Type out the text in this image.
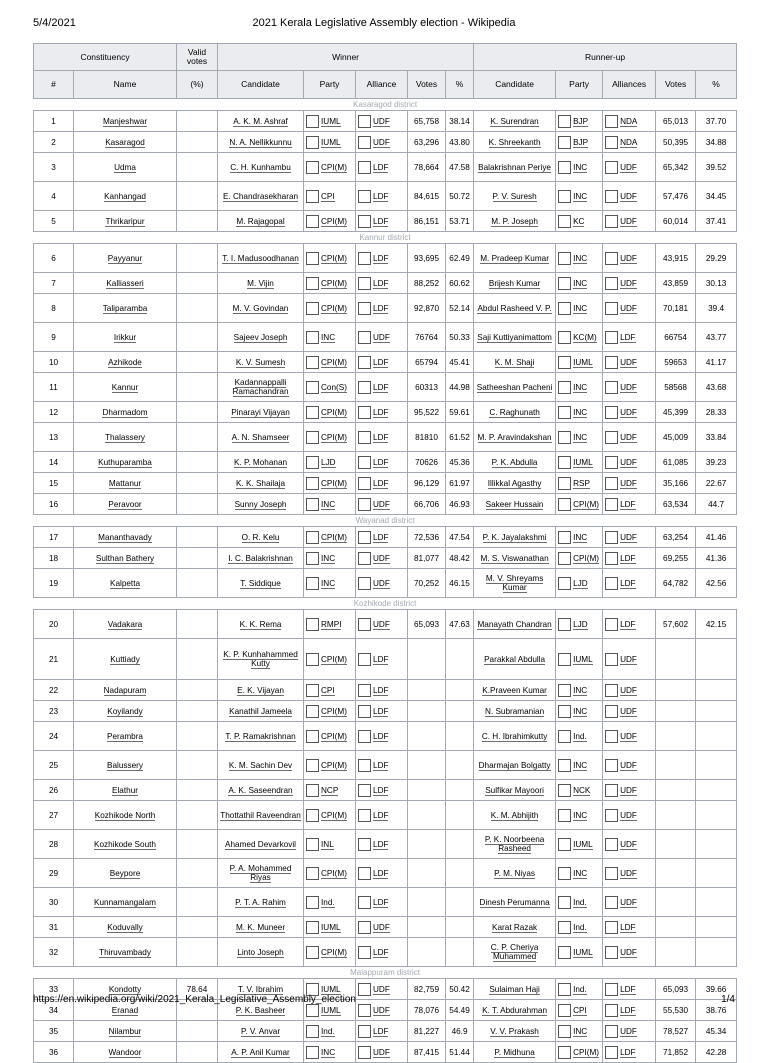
5/4/2021	2021 Kerala Legislative Assembly election - Wikipedia
Constituency		Valid votes	Winner					Runner-up				
#	Name	(%)	Candidate	Party	Alliance	Votes	%	Candidate	Party	Alliances	Votes	%
Kasaragod district												
1	Manjeshwar		A. K. M. Ashraf	IUML	UDF	65,758	38.14	K. Surendran	BJP	NDA	65,013	37.70
2	Kasaragod		N. A. Nellikkunnu	IUML	UDF	63,296	43.80	K. Shreekanth	BJP	NDA	50,395	34.88
3	Udma		C. H. Kunhambu	CPI(M)	LDF	78,664	47.58	Balakrishnan Periye	INC	UDF	65,342	39.52
4	Kanhangad		E. Chandrasekharan	CPI	LDF	84,615	50.72	P. V. Suresh	INC	UDF	57,476	34.45
5	Thrikaripur		M. Rajagopal	CPI(M)	LDF	86,151	53.71	M. P. Joseph	KC	UDF	60,014	37.41
Kannur district												
6	Payyanur		T. I. Madusoodhanan	CPI(M)	LDF	93,695	62.49	M. Pradeep Kumar	INC	UDF	43,915	29.29
7	Kalliasseri		M. Vijin	CPI(M)	LDF	88,252	60.62	Brijesh Kumar	INC	UDF	43,859	30.13
8	Taliparamba		M. V. Govindan	CPI(M)	LDF	92,870	52.14	Abdul Rasheed V. P.	INC	UDF	70,181	39.4
9	Irikkur		Sajeev Joseph	INC	UDF	76764	50.33	Saji Kuttiyanimattom	KC(M)	LDF	66754	43.77
10	Azhikode		K. V. Sumesh	CPI(M)	LDF	65794	45.41	K. M. Shaji	IUML	UDF	59653	41.17
11	Kannur		Kadannappalli Ramachandran	Con(S)	LDF	60313	44.98	Satheeshan Pacheni	INC	UDF	58568	43.68
12	Dharmadom		Pinarayi Vijayan	CPI(M)	LDF	95,522	59.61	C. Raghunath	INC	UDF	45,399	28.33
13	Thalassery		A. N. Shamseer	CPI(M)	LDF	81810	61.52	M. P. Aravindakshan	INC	UDF	45,009	33.84
14	Kuthuparamba		K. P. Mohanan	LJD	LDF	70626	45.36	P. K. Abdulla	IUML	UDF	61,085	39.23
15	Mattanur		K. K. Shailaja	CPI(M)	LDF	96,129	61.97	Illikkal Agasthy	RSP	UDF	35,166	22.67
16	Peravoor		Sunny Joseph	INC	UDF	66,706	46.93	Sakeer Hussain	CPI(M)	LDF	63,534	44.7
Wayanad district												
17	Mananthavady		O. R. Kelu	CPI(M)	LDF	72,536	47.54	P. K. Jayalakshmi	INC	UDF	63,254	41.46
18	Sulthan Bathery		I. C. Balakrishnan	INC	UDF	81,077	48.42	M. S. Viswanathan	CPI(M)	LDF	69,255	41.36
19	Kalpetta		T. Siddique	INC	UDF	70,252	46.15	M. V. Shreyams Kumar	LJD	LDF	64,782	42.56
Kozhikode district												
20	Vadakara		K. K. Rema	RMPI	UDF	65,093	47.63	Manayath Chandran	LJD	LDF	57,602	42.15
21	Kuttiady		K. P. Kunhahammed Kutty	CPI(M)	LDF			Parakkal Abdulla	IUML	UDF		
22	Nadapuram		E. K. Vijayan	CPI	LDF			K.Praveen Kumar	INC	UDF		
23	Koyilandy		Kanathil Jameela	CPI(M)	LDF			N. Subramanian	INC	UDF		
24	Perambra		T. P. Ramakrishnan	CPI(M)	LDF			C. H. Ibrahimkutty	Ind.	UDF		
25	Balussery		K. M. Sachin Dev	CPI(M)	LDF			Dharmajan Bolgatty	INC	UDF		
26	Elathur		A. K. Saseendran	NCP	LDF			Sulfikar Mayoori	NCK	UDF		
27	Kozhikode North		Thottathil Raveendran	CPI(M)	LDF			K. M. Abhijith	INC	UDF		
28	Kozhikode South		Ahamed Devarkovil	INL	LDF			P. K. Noorbeena Rasheed	IUML	UDF		
29	Beypore		P. A. Mohammed Riyas	CPI(M)	LDF			P. M. Niyas	INC	UDF		
30	Kunnamangalam		P. T. A. Rahim	Ind.	LDF			Dinesh Perumanna	Ind.	UDF		
31	Koduvally		M. K. Muneer	IUML	UDF			Karat Razak	Ind.	LDF		
32	Thiruvambady		Linto Joseph	CPI(M)	LDF			C. P. Cheriya Muhammed	IUML	UDF		
Malappuram district												
33	Kondotty	78.64	T. V. Ibrahim	IUML	UDF	82,759	50.42	Sulaiman Haji	Ind.	LDF	65,093	39.66
34	Eranad		P. K. Basheer	IUML	UDF	78,076	54.49	K. T. Abdurahman	CPI	LDF	55,530	38.76
35	Nilambur		P. V. Anvar	Ind.	LDF	81,227	46.9	V. V. Prakash	INC	UDF	78,527	45.34
36	Wandoor		A. P. Anil Kumar	INC	UDF	87,415	51.44	P. Midhuna	CPI(M)	LDF	71,852	42.28
https://en.wikipedia.org/wiki/2021_Kerala_Legislative_Assembly_election	1/4
